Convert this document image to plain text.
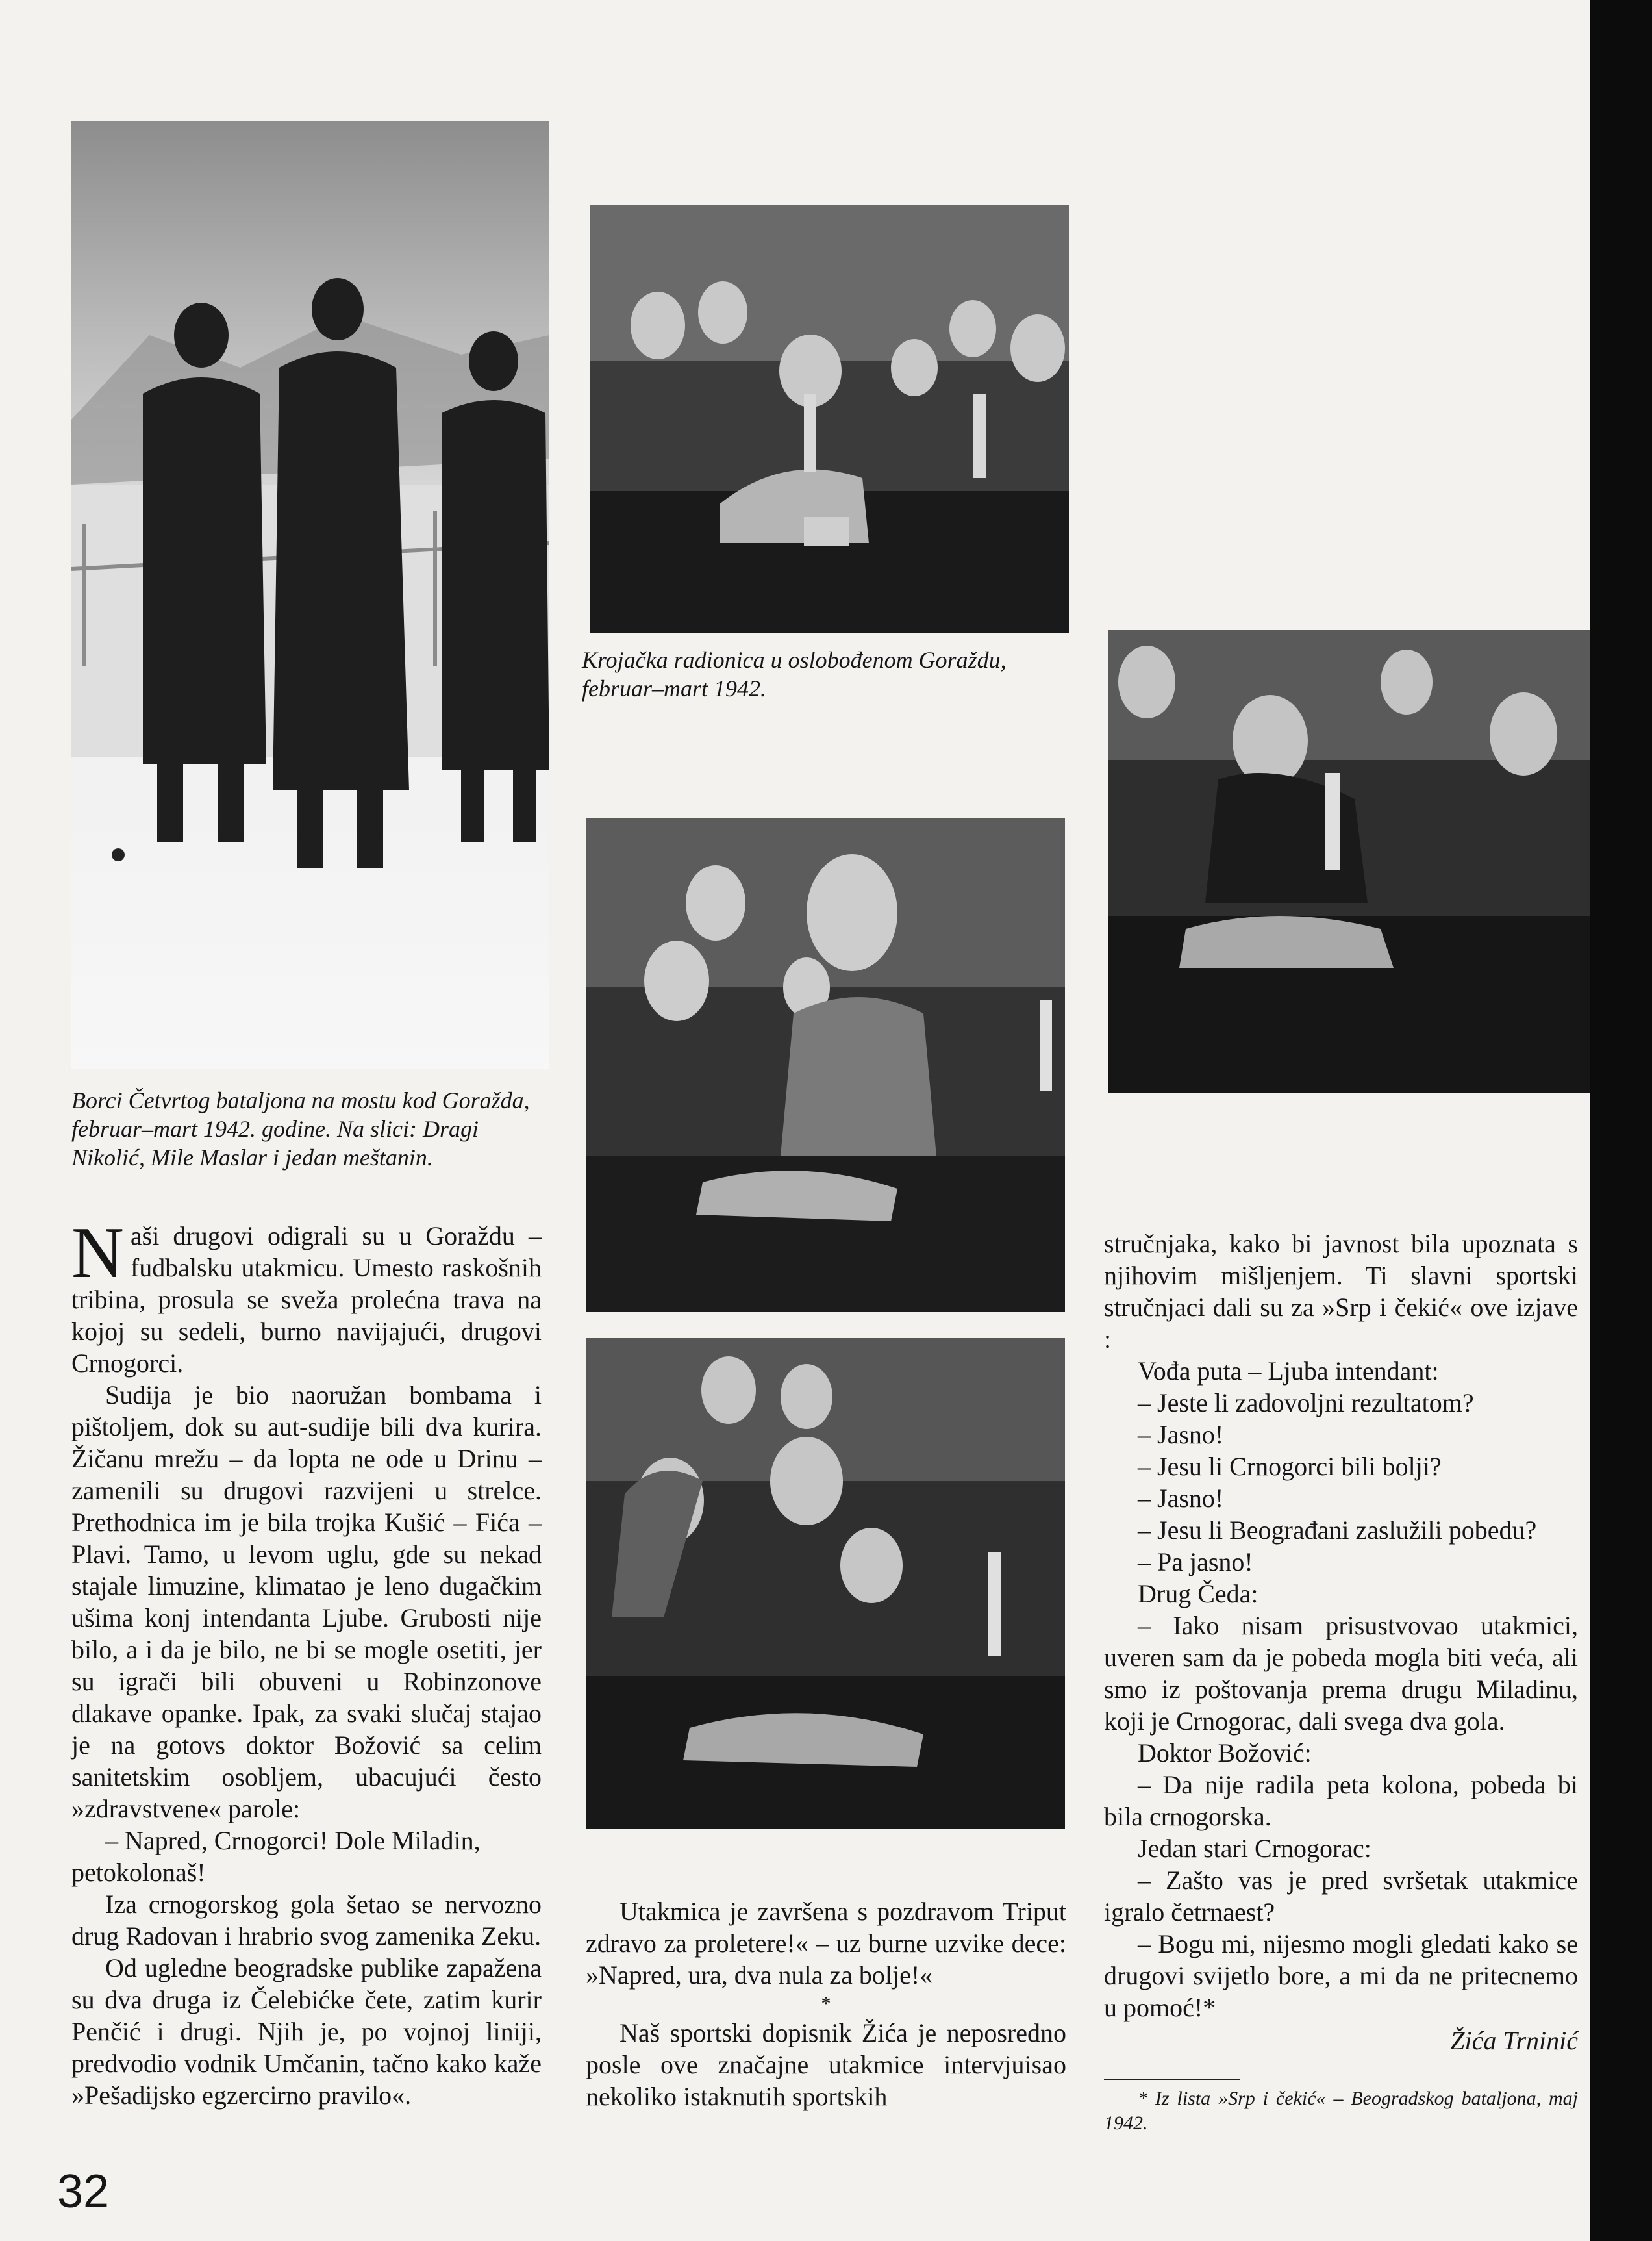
Borci Četvrtog bataljona na mostu kod Goražda, februar–mart 1942. godine. Na slici: Dragi Nikolić, Mile Maslar i jedan meštanin.

Krojačka radionica u oslobođenom Goraždu, februar–mart 1942.

Naši drugovi odigrali su u Goraždu – fudbalsku utakmicu. Umesto raskošnih tribina, prosula se sveža prolećna trava na kojoj su sedeli, burno navijajući, drugovi Crnogorci.

Sudija je bio naoružan bombama i pištoljem, dok su aut-sudije bili dva kurira. Žičanu mrežu – da lopta ne ode u Drinu – zamenili su drugovi razvijeni u strelce. Prethodnica im je bila trojka Kušić – Fića – Plavi. Tamo, u levom uglu, gde su nekad stajale limuzine, klimatao je leno dugačkim ušima konj intendanta Ljube. Grubosti nije bilo, a i da je bilo, ne bi se mogle osetiti, jer su igrači bili obuveni u Robinzonove dlakave opanke. Ipak, za svaki slučaj stajao je na gotovs doktor Božović sa celim sanitetskim osobljem, ubacujući često »zdravstvene« parole:

– Napred, Crnogorci! Dole Miladin, petokolonaš!

Iza crnogorskog gola šetao se nervozno drug Radovan i hrabrio svog zamenika Zeku.

Od ugledne beogradske publike zapažena su dva druga iz Čelebićke čete, zatim kurir Penčić i drugi. Njih je, po vojnoj liniji, predvodio vodnik Umčanin, tačno kako kaže »Pešadijsko egzercirno pravilo«.

Utakmica je završena s pozdravom Triput zdravo za proletere!« – uz burne uzvike dece: »Napred, ura, dva nula za bolje!«

*

Naš sportski dopisnik Žića je neposredno posle ove značajne utakmice intervjuisao nekoliko istaknutih sportskih

stručnjaka, kako bi javnost bila upoznata s njihovim mišljenjem. Ti slavni sportski stručnjaci dali su za »Srp i čekić« ove izjave :

Vođa puta – Ljuba intendant:

– Jeste li zadovoljni rezultatom?

– Jasno!

– Jesu li Crnogorci bili bolji?

– Jasno!

– Jesu li Beograđani zaslužili pobedu?

– Pa jasno!

Drug Čeda:

– Iako nisam prisustvovao utakmici, uveren sam da je pobeda mogla biti veća, ali smo iz poštovanja prema drugu Miladinu, koji je Crnogorac, dali svega dva gola.

Doktor Božović:

– Da nije radila peta kolona, pobeda bi bila crnogorska.

Jedan stari Crnogorac:

– Zašto vas je pred svršetak utakmice igralo četrnaest?

– Bogu mi, nijesmo mogli gledati kako se drugovi svijetlo bore, a mi da ne pritecnemo u pomoć!*

Žića Trninić

* Iz lista »Srp i čekić« – Beogradskog bataljona, maj 1942.

32
